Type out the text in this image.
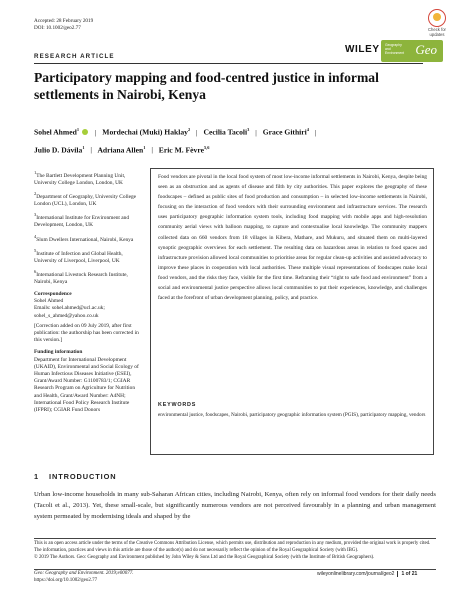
Accepted: 28 February 2019
DOI: 10.1002/geo2.77	Check for updates
RESEARCH ARTICLE
WILEY Geography and Environment Geo
Participatory mapping and food-centred justice in informal settlements in Nairobi, Kenya
Sohel Ahmed$^1$ | Mordechai (Muki) Haklay$^2$ | Cecilia Tacoli$^3$ | Grace Githiri$^4$ |
Julio D. Dávila$^1$ | Adriana Allen$^1$ | Eric M. Fèvre$^{5,6}$

$^1$The Bartlett Development Planning Unit, University College London, London, UK

$^2$Department of Geography, University College London (UCL), London, UK

$^3$International Institute for Environment and Development, London, UK

$^4$Slum Dwellers International, Nairobi, Kenya

$^5$Institute of Infection and Global Health, University of Liverpool, Liverpool, UK

$^6$International Livestock Research Institute, Nairobi, Kenya

Correspondence

Sohel Ahmed

Emails: sohel.ahmed@ucl.ac.uk; sohel_s_ahmed@yahoo.co.uk

[Correction added on 09 July 2019, after first publication: the authorship has been corrected in this version.]

Funding information

Department for International Development (UKAID), Environmental and Social Ecology of Human Infectious Diseases Initiative (ESEI), Grant/Award Number: G1100783/1; CGIAR Research Program on Agriculture for Nutrition and Health, Grant/Award Number: A4NH; International Food Policy Research Institute (IFPRI); CGIAR Fund Donors

Food vendors are pivotal in the local food system of most low-income informal settlements in Nairobi, Kenya, despite being seen as an obstruction and as agents of disease and filth by city authorities. This paper explores the geography of these foodscapes – defined as public sites of food production and consumption – in selected low-income settlements in Nairobi, focusing on the interaction of food vendors with their surrounding environment and infrastructure services. The research uses participatory geographic information system tools, including food mapping with mobile apps and high-resolution community aerial views with balloon mapping, to capture and contextualise local knowledge. The community mappers collected data on 660 vendors from 18 villages in Kibera, Mathare, and Mukuru, and situated them on multi-layered synoptic geographic overviews for each settlement. The resulting data on hazardous areas in relation to food spaces and infrastructure provision allowed local communities to prioritise areas for regular clean-up activities and assisted advocacy to improve these places in cooperation with local authorities. These multiple visual representations of foodscapes make local food vendors, and the risks they face, visible for the first time. Reframing their “right to safe food and environment” from a social and environmental justice perspective allows local communities to put their experiences, knowledge, and challenges faced at the forefront of urban development planning, policy, and practice.
KEYWORDS
environmental justice, foodscapes, Nairobi, participatory geographic information system (PGIS), participatory mapping, vendors
1 INTRODUCTION
Urban low-income households in many sub-Saharan African cities, including Nairobi, Kenya, often rely on informal food vendors for their daily needs (Tacoli et al., 2013). Yet, these small-scale, but significantly numerous vendors are not perceived favourably in a planning and urban management system permeated by modernising ideals and shaped by the
This is an open access article under the terms of the Creative Commons Attribution License, which permits use, distribution and reproduction in any medium, provided the original work is properly cited.
The information, practices and views in this article are those of the author(s) and do not necessarily reflect the opinion of the Royal Geographical Society (with IBG).
© 2019 The Authors. Geo: Geography and Environment published by John Wiley & Sons Ltd and the Royal Geographical Society (with the Institute of British Geographers).
Geo: Geography and Environment. 2019;e00077.
https://doi.org/10.1002/geo2.77
wileyonlinelibrary.com/journal/geo2 1 of 21
